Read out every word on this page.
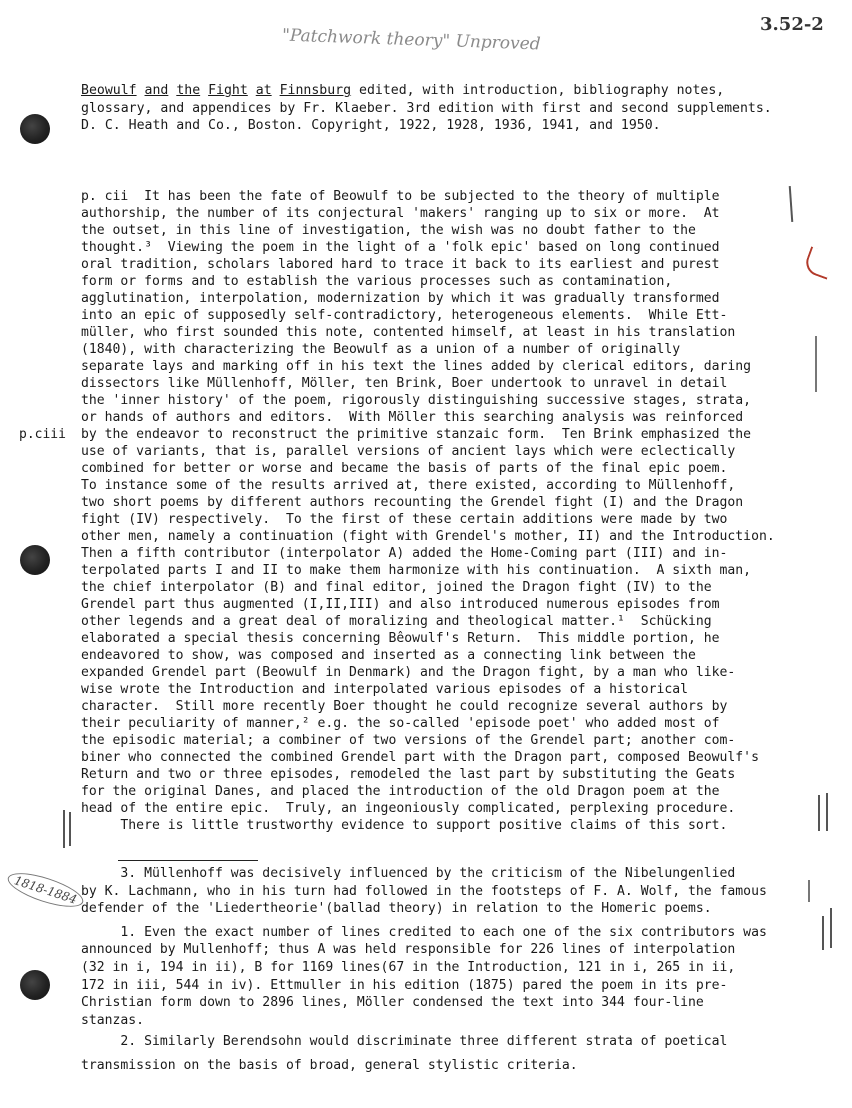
3.52-2
"Patchwork theory" Unproved
Beowulf and the Fight at Finnsburg edited, with introduction, bibliography notes, glossary, and appendices by Fr. Klaeber. 3rd edition with first and second supplements. D. C. Heath and Co., Boston. Copyright, 1922, 1928, 1936, 1941, and 1950.
p.ciii
p. cii  It has been the fate of Beowulf to be subjected to the theory of multiple
authorship, the number of its conjectural 'makers' ranging up to six or more.  At
the outset, in this line of investigation, the wish was no doubt father to the
thought.³  Viewing the poem in the light of a 'folk epic' based on long continued
oral tradition, scholars labored hard to trace it back to its earliest and purest
form or forms and to establish the various processes such as contamination,
agglutination, interpolation, modernization by which it was gradually transformed
into an epic of supposedly self-contradictory, heterogeneous elements.  While Ett-
müller, who first sounded this note, contented himself, at least in his translation
(1840), with characterizing the Beowulf as a union of a number of originally
separate lays and marking off in his text the lines added by clerical editors, daring
dissectors like Müllenhoff, Möller, ten Brink, Boer undertook to unravel in detail
the 'inner history' of the poem, rigorously distinguishing successive stages, strata,
or hands of authors and editors.  With Möller this searching analysis was reinforced
by the endeavor to reconstruct the primitive stanzaic form.  Ten Brink emphasized the
use of variants, that is, parallel versions of ancient lays which were eclectically
combined for better or worse and became the basis of parts of the final epic poem.
To instance some of the results arrived at, there existed, according to Müllenhoff,
two short poems by different authors recounting the Grendel fight (I) and the Dragon
fight (IV) respectively.  To the first of these certain additions were made by two
other men, namely a continuation (fight with Grendel's mother, II) and the Introduction.
Then a fifth contributor (interpolator A) added the Home-Coming part (III) and in-
terpolated parts I and II to make them harmonize with his continuation.  A sixth man,
the chief interpolator (B) and final editor, joined the Dragon fight (IV) to the
Grendel part thus augmented (I,II,III) and also introduced numerous episodes from
other legends and a great deal of moralizing and theological matter.¹  Schücking
elaborated a special thesis concerning Bêowulf's Return.  This middle portion, he
endeavored to show, was composed and inserted as a connecting link between the
expanded Grendel part (Beowulf in Denmark) and the Dragon fight, by a man who like-
wise wrote the Introduction and interpolated various episodes of a historical
character.  Still more recently Boer thought he could recognize several authors by
their peculiarity of manner,² e.g. the so-called 'episode poet' who added most of
the episodic material; a combiner of two versions of the Grendel part; another com-
biner who connected the combined Grendel part with the Dragon part, composed Beowulf's
Return and two or three episodes, remodeled the last part by substituting the Geats
for the original Danes, and placed the introduction of the old Dragon poem at the
head of the entire epic.  Truly, an ingeoniously complicated, perplexing procedure.
There is little trustworthy evidence to support positive claims of this sort.
1818-1884 3. Müllenhoff was decisively influenced by the criticism of the Nibelungenlied
by K. Lachmann, who in his turn had followed in the footsteps of F. A. Wolf, the famous
defender of the 'Liedertheorie'(ballad theory) in relation to the Homeric poems.
1. Even the exact number of lines credited to each one of the six contributors was
announced by Mullenhoff; thus A was held responsible for 226 lines of interpolation
(32 in i, 194 in ii), B for 1169 lines(67 in the Introduction, 121 in i, 265 in ii,
172 in iii, 544 in iv). Ettmuller in his edition (1875) pared the poem in its pre-
Christian form down to 2896 lines, Möller condensed the text into 344 four-line
stanzas.
2. Similarly Berendsohn would discriminate three different strata of poetical
transmission on the basis of broad, general stylistic criteria.
